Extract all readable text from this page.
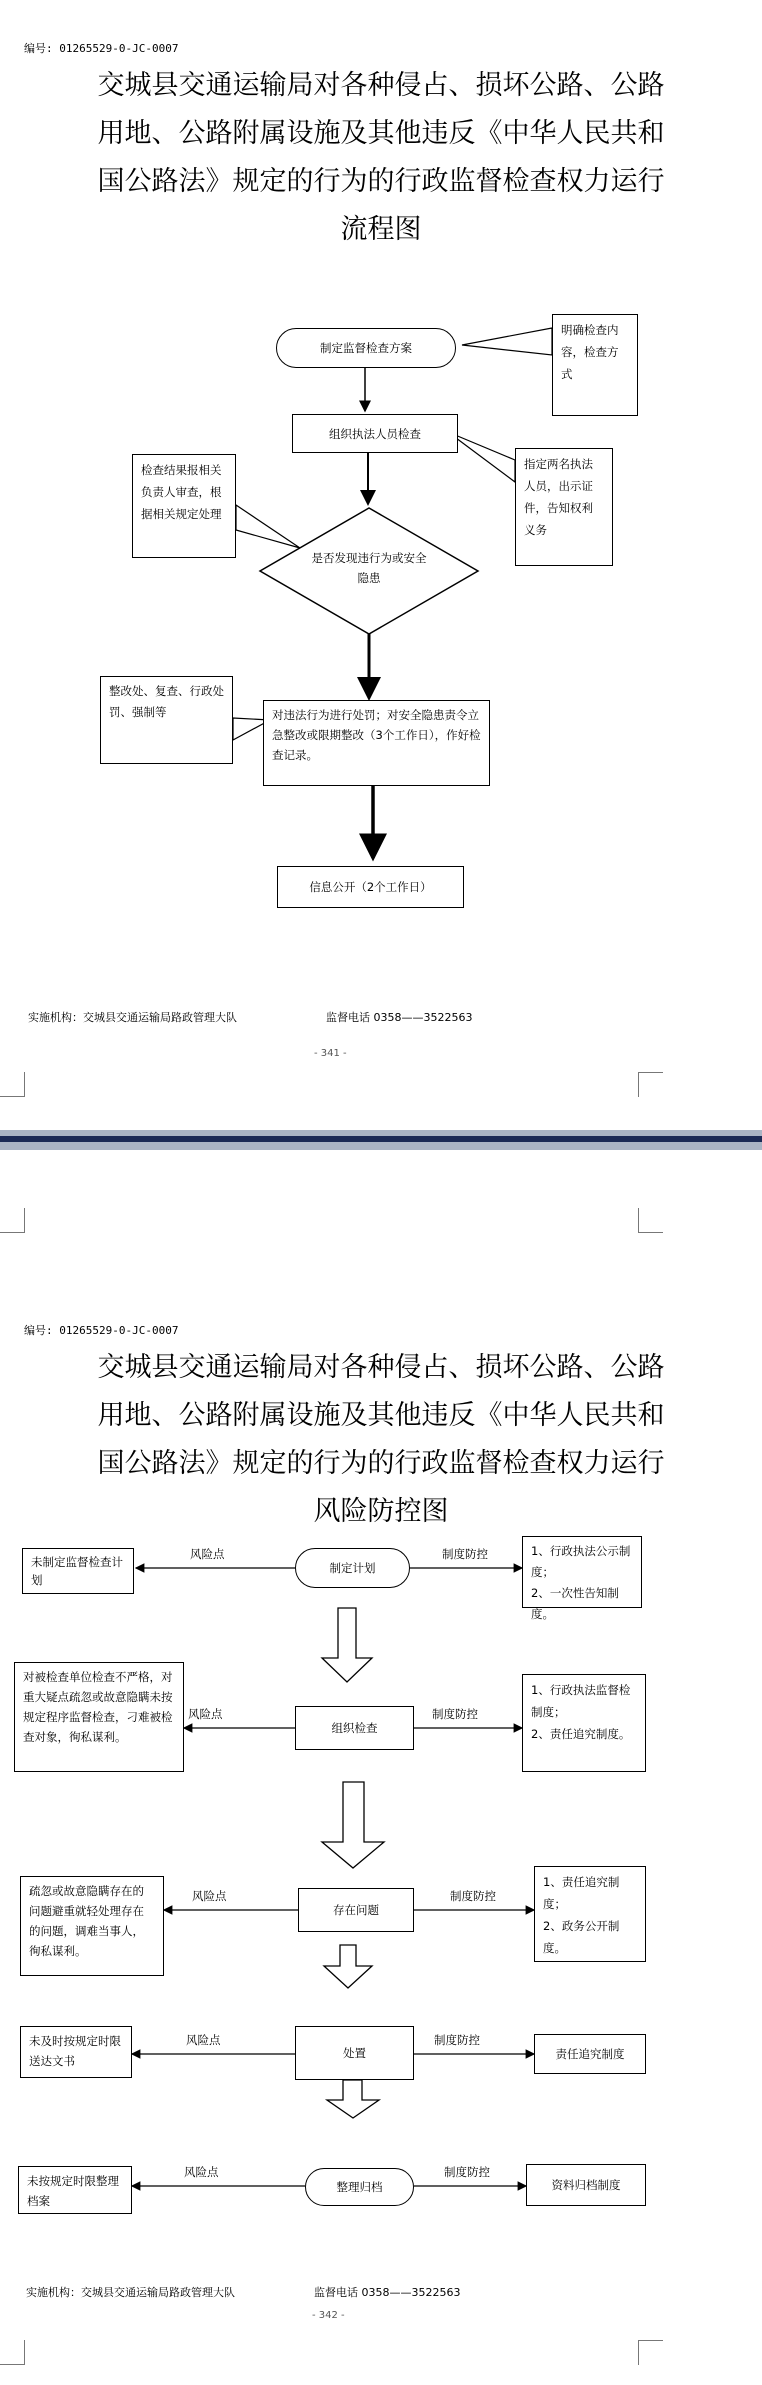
编号: 01265529-0-JC-0007
交城县交通运输局对各种侵占、损坏公路、公路
用地、公路附属设施及其他违反《中华人民共和
国公路法》规定的行为的行政监督检查权力运行
流程图
制定监督检查方案
明确检查内容，检查方式
组织执法人员检查
指定两名执法人员，出示证件，告知权利义务
检查结果报相关负责人审查，根据相关规定处理
是否发现违行为或安全隐患
整改处、复查、行政处罚、强制等	对违法行为进行处罚；对安全隐患责令立急整改或限期整改（3个工作日），作好检查记录。
信息公开（2个工作日）
实施机构：交城县交通运输局路政管理大队	监督电话 0358——3522563
- 341 -
编号: 01265529-0-JC-0007
交城县交通运输局对各种侵占、损坏公路、公路
用地、公路附属设施及其他违反《中华人民共和
国公路法》规定的行为的行政监督检查权力运行
风险防控图
制定计划
未制定监督检查计划
1、行政执法公示制度；
2、一次性告知制度。
风险点	制度防控
组织检查
对被检查单位检查不严格，对重大疑点疏忽或故意隐瞒未按规定程序监督检查，刁难被检查对象，徇私谋利。
1、行政执法监督检制度；
2、责任追究制度。
风险点	制度防控
存在问题
疏忽或故意隐瞒存在的问题避重就轻处理存在的问题，调难当事人，徇私谋利。
1、责任追究制度；
2、政务公开制度。
风险点	制度防控
处置
未及时按规定时限送达文书	责任追究制度
风险点	制度防控
整理归档
未按规定时限整理档案
资料归档制度
风险点	制度防控
实施机构：交城县交通运输局路政管理大队	监督电话 0358——3522563
- 342 -
